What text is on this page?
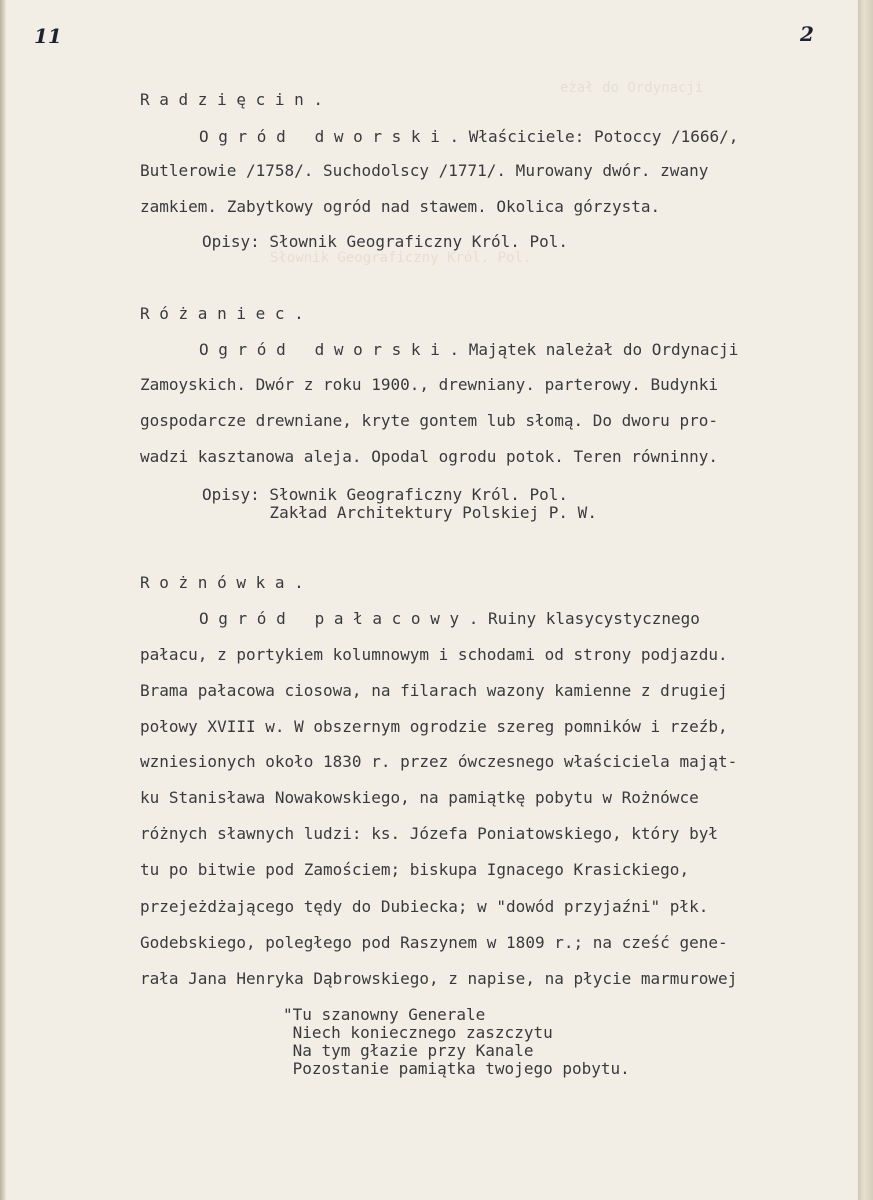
eżał do Ordynacji
Słownik Geograficzny Król. Pol.
11	2
R a d z i ę c i n .
O g r ó d   d w o r s k i . Właściciele: Potoccy /1666/,
Butlerowie /1758/. Suchodolscy /1771/. Murowany dwór. zwany
zamkiem. Zabytkowy ogród nad stawem. Okolica górzysta.
Opisy: Słownik Geograficzny Król. Pol.
R ó ż a n i e c .
O g r ó d   d w o r s k i . Majątek należał do Ordynacji
Zamoyskich. Dwór z roku 1900., drewniany. parterowy. Budynki
gospodarcze drewniane, kryte gontem lub słomą. Do dworu pro-
wadzi kasztanowa aleja. Opodal ogrodu potok. Teren równinny.
Opisy: Słownik Geograficzny Król. Pol.
Zakład Architektury Polskiej P. W.
R o ż n ó w k a .
O g r ó d   p a ł a c o w y . Ruiny klasycystycznego
pałacu, z portykiem kolumnowym i schodami od strony podjazdu.
Brama pałacowa ciosowa, na filarach wazony kamienne z drugiej
połowy XVIII w. W obszernym ogrodzie szereg pomników i rzeźb,
wzniesionych około 1830 r. przez ówczesnego właściciela mająt-
ku Stanisława Nowakowskiego, na pamiątkę pobytu w Rożnówce
różnych sławnych ludzi: ks. Józefa Poniatowskiego, który był
tu po bitwie pod Zamościem; biskupa Ignacego Krasickiego,
przejeżdżającego tędy do Dubiecka; w "dowód przyjaźni" płk.
Godebskiego, poległego pod Raszynem w 1809 r.; na cześć gene-
rała Jana Henryka Dąbrowskiego, z napise, na płycie marmurowej
"Tu szanowny Generale
Niech koniecznego zaszczytu
Na tym głazie przy Kanale
Pozostanie pamiątka twojego pobytu.
